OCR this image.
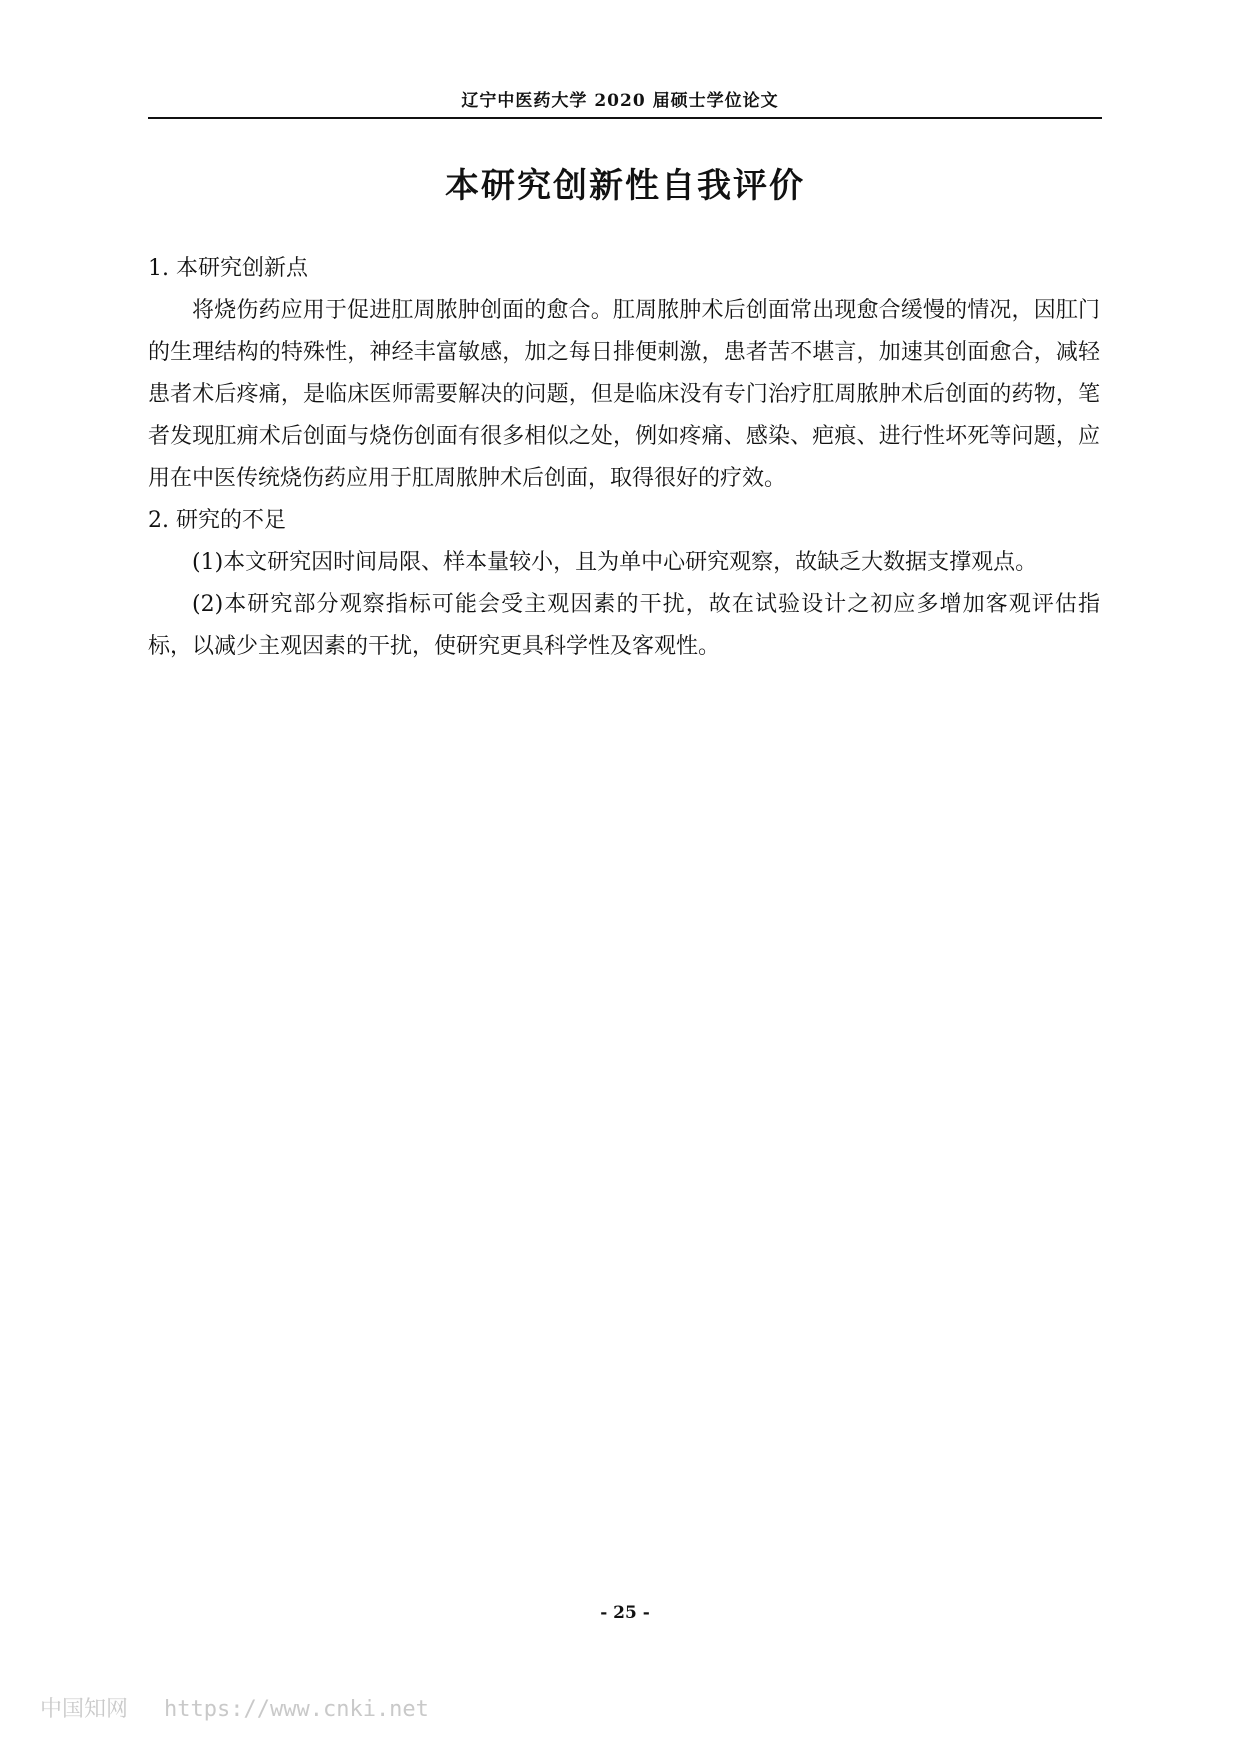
辽宁中医药大学 2020 届硕士学位论文
本研究创新性自我评价

1. 本研究创新点

将烧伤药应用于促进肛周脓肿创面的愈合。肛周脓肿术后创面常出现愈合缓慢的情况，因肛门的生理结构的特殊性，神经丰富敏感，加之每日排便刺激，患者苦不堪言，加速其创面愈合，减轻患者术后疼痛，是临床医师需要解决的问题，但是临床没有专门治疗肛周脓肿术后创面的药物，笔者发现肛痈术后创面与烧伤创面有很多相似之处，例如疼痛、感染、疤痕、进行性坏死等问题，应用在中医传统烧伤药应用于肛周脓肿术后创面，取得很好的疗效。

2. 研究的不足

(1)本文研究因时间局限、样本量较小，且为单中心研究观察，故缺乏大数据支撑观点。

(2)本研究部分观察指标可能会受主观因素的干扰，故在试验设计之初应多增加客观评估指标，以减少主观因素的干扰，使研究更具科学性及客观性。

- 25 -
中国知网 https://www.cnki.net
